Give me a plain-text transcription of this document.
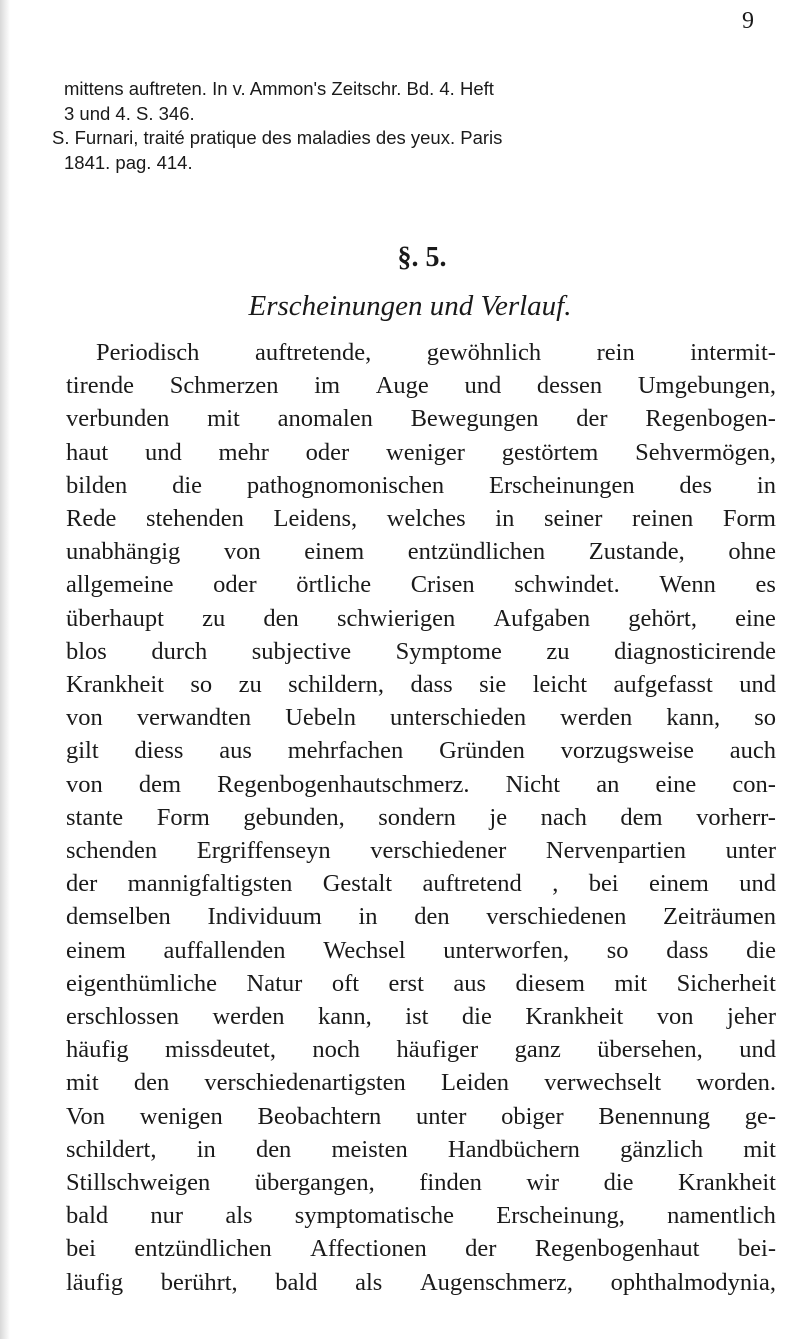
9
mittens auftreten. In v. Ammon's Zeitschr. Bd. 4. Heft
3 und 4. S. 346.
S. Furnari, traité pratique des maladies des yeux. Paris
1841. pag. 414.
§. 5.
Erscheinungen und Verlauf.
Periodisch auftretende, gewöhnlich rein intermit-
tirende Schmerzen im Auge und dessen Umgebungen,
verbunden mit anomalen Bewegungen der Regenbogen-
haut und mehr oder weniger gestörtem Sehvermögen,
bilden die pathognomonischen Erscheinungen des in
Rede stehenden Leidens, welches in seiner reinen Form
unabhängig von einem entzündlichen Zustande, ohne
allgemeine oder örtliche Crisen schwindet. Wenn es
überhaupt zu den schwierigen Aufgaben gehört, eine
blos durch subjective Symptome zu diagnosticirende
Krankheit so zu schildern, dass sie leicht aufgefasst und
von verwandten Uebeln unterschieden werden kann, so
gilt diess aus mehrfachen Gründen vorzugsweise auch
von dem Regenbogenhautschmerz. Nicht an eine con-
stante Form gebunden, sondern je nach dem vorherr-
schenden Ergriffenseyn verschiedener Nervenpartien unter
der mannigfaltigsten Gestalt auftretend , bei einem und
demselben Individuum in den verschiedenen Zeiträumen
einem auffallenden Wechsel unterworfen, so dass die
eigenthümliche Natur oft erst aus diesem mit Sicherheit
erschlossen werden kann, ist die Krankheit von jeher
häufig missdeutet, noch häufiger ganz übersehen, und
mit den verschiedenartigsten Leiden verwechselt worden.
Von wenigen Beobachtern unter obiger Benennung ge-
schildert, in den meisten Handbüchern gänzlich mit
Stillschweigen übergangen, finden wir die Krankheit
bald nur als symptomatische Erscheinung, namentlich
bei entzündlichen Affectionen der Regenbogenhaut bei-
läufig berührt, bald als Augenschmerz, ophthalmodynia,
